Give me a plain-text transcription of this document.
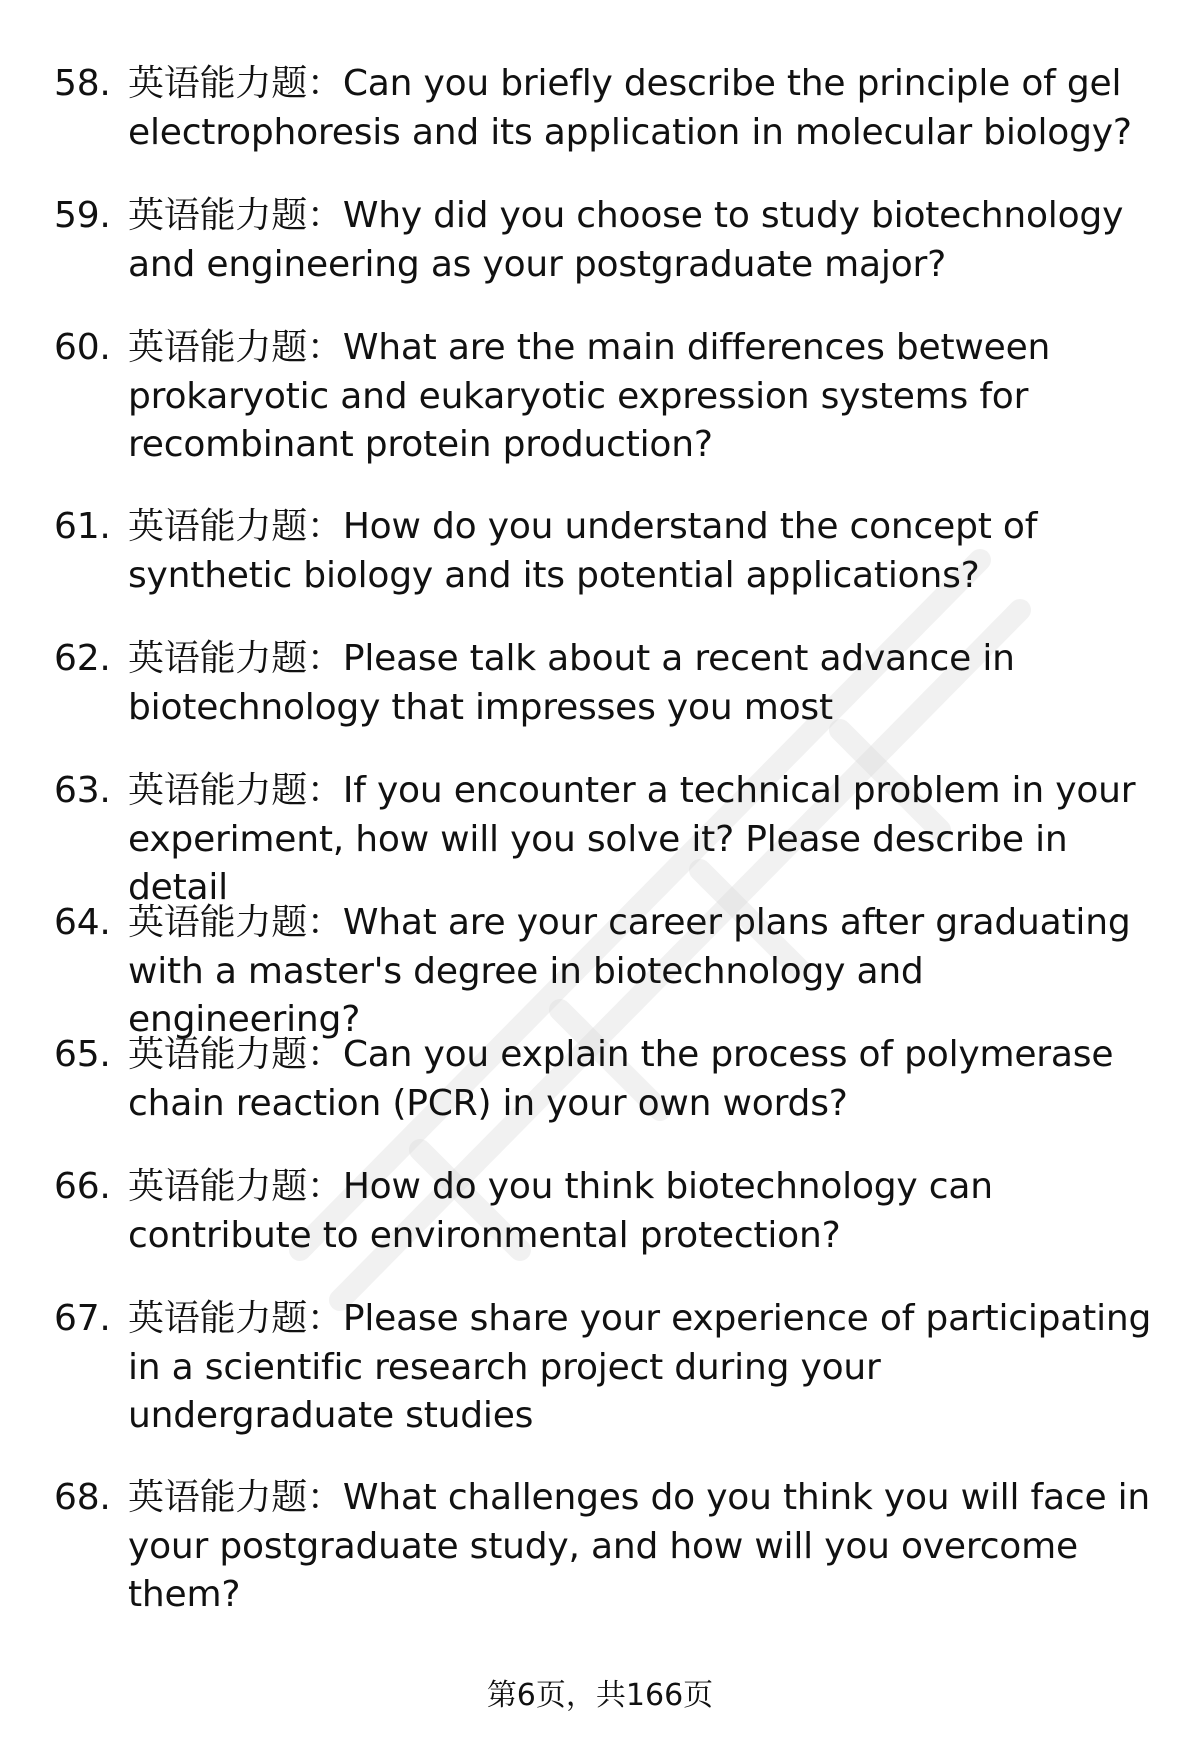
58. 英语能力题：Can you briefly describe the principle of gel electrophoresis and its application in molecular biology?
59. 英语能力题：Why did you choose to study biotechnology and engineering as your postgraduate major?
60. 英语能力题：What are the main differences between prokaryotic and eukaryotic expression systems for recombinant protein production?
61. 英语能力题：How do you understand the concept of synthetic biology and its potential applications?
62. 英语能力题：Please talk about a recent advance in biotechnology that impresses you most
63. 英语能力题：If you encounter a technical problem in your experiment, how will you solve it? Please describe in detail
64. 英语能力题：What are your career plans after graduating with a master's degree in biotechnology and engineering?
65. 英语能力题：Can you explain the process of polymerase chain reaction (PCR) in your own words?
66. 英语能力题：How do you think biotechnology can contribute to environmental protection?
67. 英语能力题：Please share your experience of participating in a scientific research project during your undergraduate studies
68. 英语能力题：What challenges do you think you will face in your postgraduate study, and how will you overcome them?
第6页，共166页
